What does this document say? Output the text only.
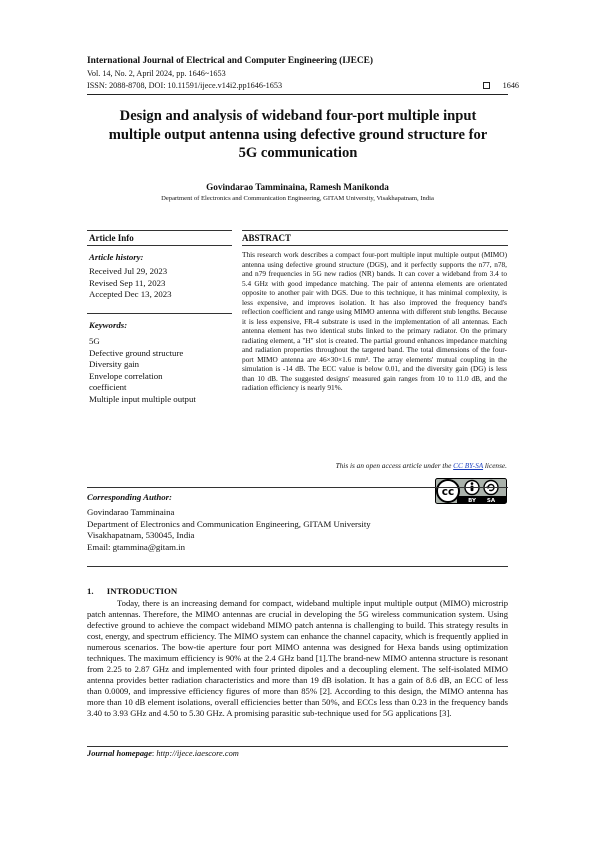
International Journal of Electrical and Computer Engineering (IJECE)
Vol. 14, No. 2, April 2024, pp. 1646~1653
ISSN: 2088-8708, DOI: 10.11591/ijece.v14i2.pp1646-1653	1646
Design and analysis of wideband four-port multiple input
multiple output antenna using defective ground structure for
5G communication
Govindarao Tamminaina, Ramesh Manikonda
Department of Electronics and Communication Engineering, GITAM University, Visakhapatnam, India
Article Info	ABSTRACT
Article history:
Received Jul 29, 2023
Revised Sep 11, 2023
Accepted Dec 13, 2023
Keywords:
5G
Defective ground structure
Diversity gain
Envelope correlation
coefficient
Multiple input multiple output
This research work describes a compact four-port multiple input multiple output (MIMO) antenna using defective ground structure (DGS), and it perfectly supports the n77, n78, and n79 frequencies in 5G new radios (NR) bands. It can cover a wideband from 3.4 to 5.4 GHz with good impedance matching. The pair of antenna elements are orientated opposite to another pair with DGS. Due to this technique, it has minimal complexity, is less expensive, and improves isolation. It has also improved the frequency band's reflection coefficient and range using MIMO antenna with different stub lengths. Because it is less expensive, FR-4 substrate is used in the implementation of all antennas. Each antenna element has two identical stubs linked to the primary radiator. On the primary radiating element, a "H" slot is created. The partial ground enhances impedance matching and radiation properties throughout the targeted band. The total dimensions of the four-port MIMO antenna are 46×30×1.6 mm³. The array elements' mutual coupling in the simulation is -14 dB. The ECC value is below 0.01, and the diversity gain (DG) is less than 10 dB. The suggested designs' measured gain ranges from 10 to 11.0 dB, and the radiation efficiency is nearly 91%.
This is an open access article under the CC BY-SA license.
cc
BY SA
Corresponding Author:
Govindarao Tamminaina
Department of Electronics and Communication Engineering, GITAM University
Visakhapatnam, 530045, India
Email: gtammina@gitam.in
1.  INTRODUCTION
Today, there is an increasing demand for compact, wideband multiple input multiple output (MIMO) microstrip patch antennas. Therefore, the MIMO antennas are crucial in developing the 5G wireless communication system. Using defective ground to achieve the compact wideband MIMO patch antenna is challenging to build. This strategy results in cost, energy, and spectrum efficiency. The MIMO system can enhance the channel capacity, which is frequently applied in numerous scenarios. The bow-tie aperture four port MIMO antenna was designed for Hexa bands using optimization techniques. The maximum efficiency is 90% at the 2.4 GHz band [1].The brand-new MIMO antenna structure is resonant from 2.25 to 2.87 GHz and implemented with four printed dipoles and a decoupling element. The self-isolated MIMO antenna provides better radiation characteristics and more than 19 dB isolation. It has a gain of 8.6 dB, an ECC of less than 0.0009, and impressive efficiency figures of more than 85% [2]. According to this design, the MIMO antenna has more than 10 dB element isolations, overall efficiencies better than 50%, and ECCs less than 0.23 in the frequency bands 3.40 to 3.93 GHz and 4.50 to 5.30 GHz. A promising parasitic sub-technique used for 5G applications [3].
Journal homepage: http://ijece.iaescore.com
